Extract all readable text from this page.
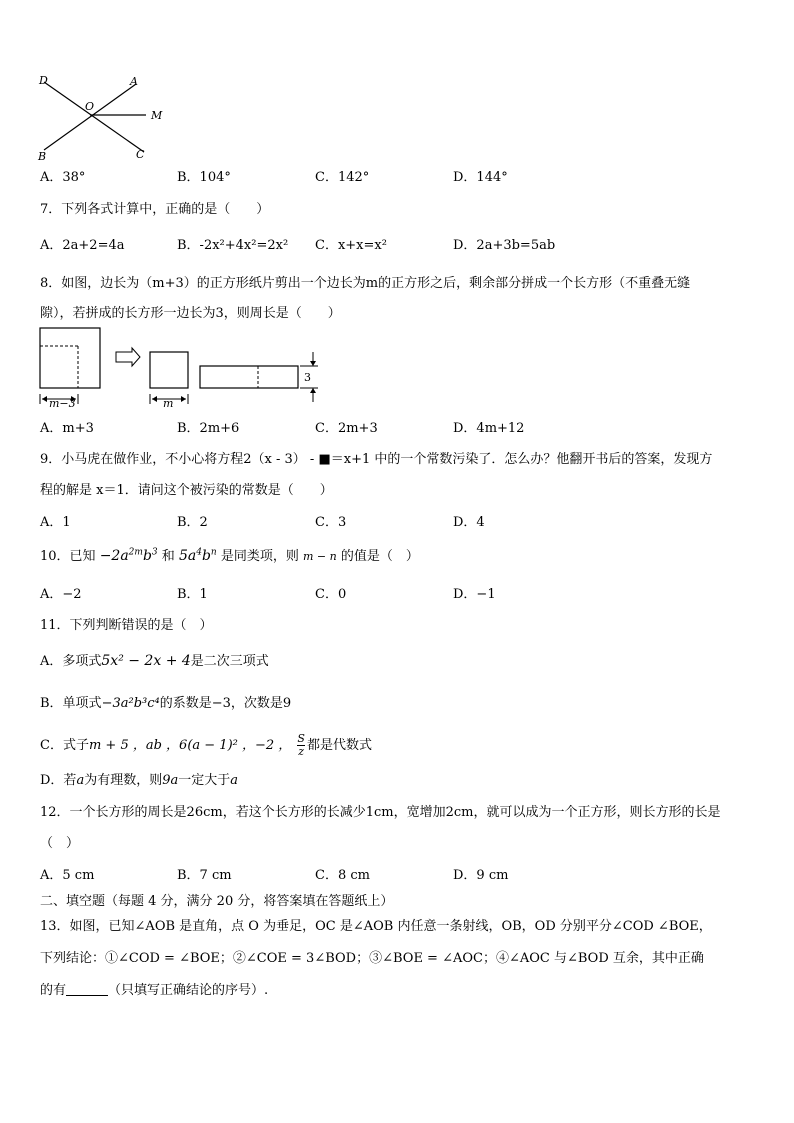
D	A
O
M
B	C
A．38°	B．104°	C．142°	D．144°
7．下列各式计算中，正确的是（　　）
A．2a+2=4a	B．-2x²+4x²=2x² C．x+x=x²	D．2a+3b=5ab
8．如图，边长为（m+3）的正方形纸片剪出一个边长为m的正方形之后，剩余部分拼成一个长方形（不重叠无缝
隙），若拼成的长方形一边长为3，则周长是（　　）
m−3	m
3
A．m+3	B．2m+6	C．2m+3	D．4m+12
9．小马虎在做作业，不小心将方程2（x - 3） - ■＝x+1 中的一个常数污染了．怎么办？他翻开书后的答案，发现方
程的解是 x＝1．请问这个被污染的常数是（　　）
A．1	B．2	C．3	D．4
10．已知 $-2a^{2m}b^3$ 和 $5a^4b^n$ 是同类项，则 m − n 的值是（　）
A．−2	B．1	C．0	D．−1
11．下列判断错误的是（　）
A．多项式5x² − 2x + 4是二次三项式
B．单项式−3a²b³c⁴的系数是−3，次数是9
C．式子m + 5 ，ab ，6(a − 1)² ，−2 ， $\frac{S}{z}$ 都是代数式
D．若a为有理数，则9a一定大于a
12．一个长方形的周长是26cm，若这个长方形的长减少1cm，宽增加2cm，就可以成为一个正方形，则长方形的长是
（　）
A．5 cm	B．7 cm	C．8 cm	D．9 cm
二、填空题（每题 4 分，满分 20 分，将答案填在答题纸上）
13．如图，已知∠AOB 是直角，点 O 为垂足，OC 是∠AOB 内任意一条射线，OB，OD 分别平分∠COD ∠BOE，
下列结论：①∠COD = ∠BOE；②∠COE = 3∠BOD；③∠BOE = ∠AOC；④∠AOC 与∠BOD 互余，其中正确
的有	（只填写正确结论的序号）.
